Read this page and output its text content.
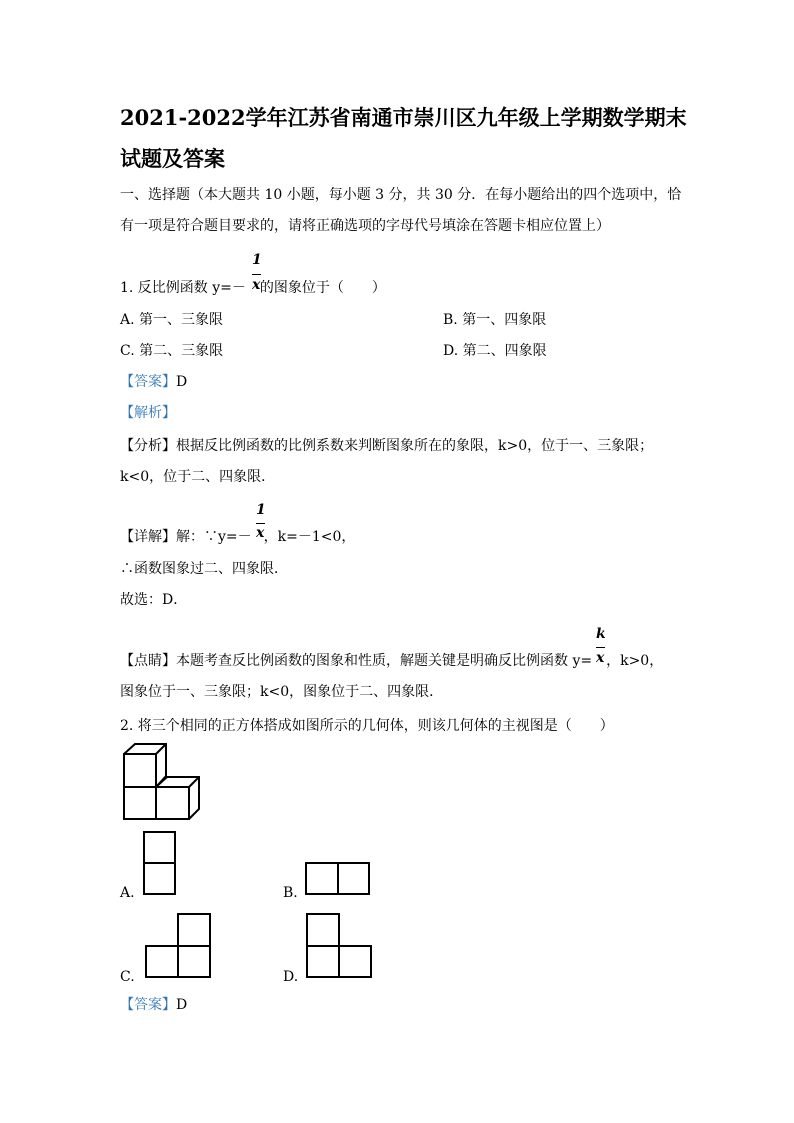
2021-2022学年江苏省南通市崇川区九年级上学期数学期末
试题及答案
一、选择题（本大题共 10 小题，每小题 3 分，共 30 分．在每小题给出的四个选项中，恰
有一项是符合题目要求的，请将正确选项的字母代号填涂在答题卡相应位置上）
1. 反比例函数 y=－ 的图象位于（　　）
1
x
A. 第一、三象限	B. 第一、四象限
C. 第二、三象限	D. 第二、四象限
【答案】D
【解析】
【分析】根据反比例函数的比例系数来判断图象所在的象限，k>0，位于一、三象限；
k<0，位于二、四象限．
【详解】解：∵y=－ ，k=－1<0，
1
x
∴函数图象过二、四象限．
故选：D．
【点睛】本题考查反比例函数的图象和性质，解题关键是明确反比例函数 y= ，k>0，
k
x
图象位于一、三象限；k<0，图象位于二、四象限．
2. 将三个相同的正方体搭成如图所示的几何体，则该几何体的主视图是（　　）
A.	B.
C.	D.
【答案】D
